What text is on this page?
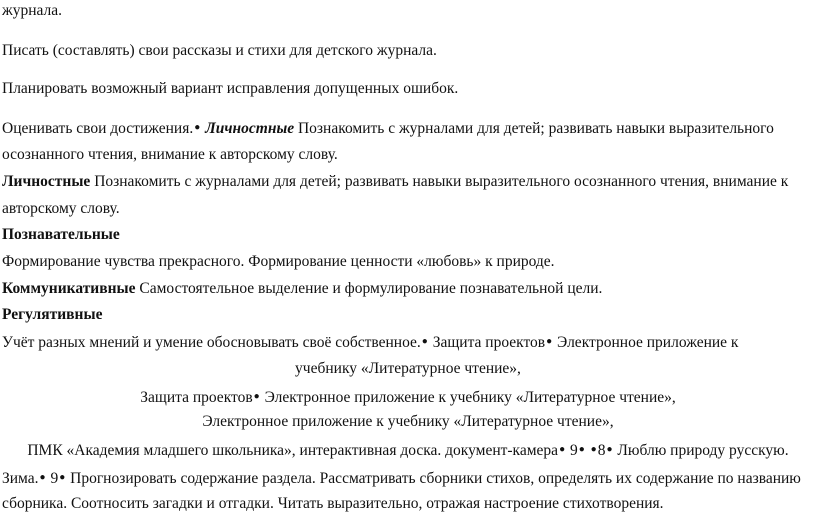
журнала.
Писать (составлять) свои рассказы и стихи для детского журнала.
Планировать возможный вариант исправления допущенных ошибок.
Оценивать свои достижения.● Личностные Познакомить с журналами для детей; развивать навыки выразительного
осознанного чтения, внимание к авторскому слову.
Личностные Познакомить с журналами для детей; развивать навыки выразительного осознанного чтения, внимание к
авторскому слову.
Познавательные
Формирование чувства прекрасного. Формирование ценности «любовь» к природе.
Коммуникативные Самостоятельное выделение и формулирование познавательной цели.
Регулятивные
Учёт разных мнений и умение обосновывать своё собственное.● Защита проектов● Электронное приложение к
учебнику «Литературное чтение»,
Защита проектов● Электронное приложение к учебнику «Литературное чтение»,
Электронное приложение к учебнику «Литературное чтение»,
ПМК «Академия младшего школьника», интерактивная доска. документ-камера● 9● ●8● Люблю природу русскую.
Зима.● 9● Прогнозировать содержание раздела. Рассматривать сборники стихов, определять их содержание по названию
сборника. Соотносить загадки и отгадки. Читать выразительно, отражая настроение стихотворения.
